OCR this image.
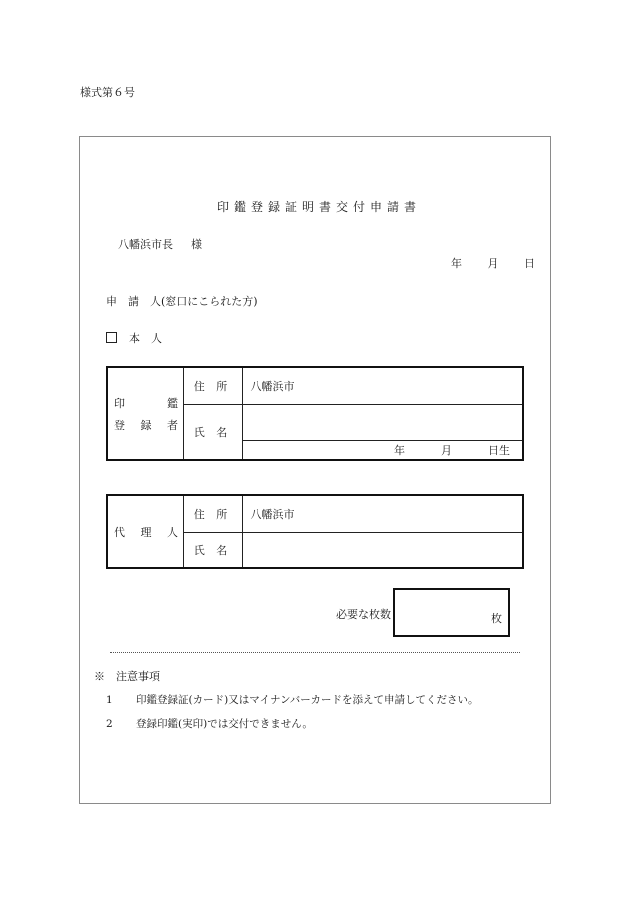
様式第６号
印鑑登録証明書交付申請書
八幡浜市長 様
年 月 日
申　請　人(窓口にこられた方)
本　人
印 鑑
登 録 者	住 所	八幡浜市
	氏 名	

		年 月 日生
代 理 人	住 所	八幡浜市
	氏 名	
必要な枚数	枚
※　注意事項
1 印鑑登録証(カード)又はマイナンバーカードを添えて申請してください。
2 登録印鑑(実印)では交付できません。
